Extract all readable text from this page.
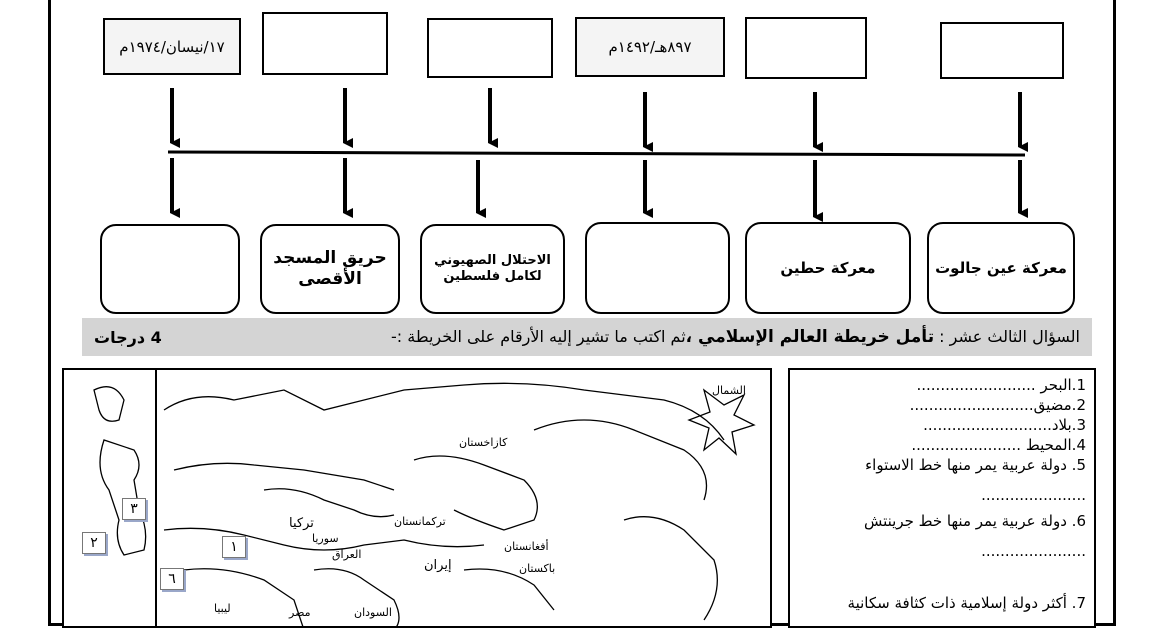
١٧/نيسان/١٩٧٤م	٨٩٧هـ/١٤٩٢م
حريق المسجد الأقصى
الاحتلال الصهيوني لكامل فلسطين	معركة حطين	معركة عين جالوت
السؤال الثالث عشر : تأمل خريطة العالم الإسلامي ،ثم اكتب ما تشير إليه الأرقام على الخريطة :-
4 درجات
الشمال
كازاخستان
تركيا
إيران
العراق
سوريا
ليبيا
أفغانستان
باكستان
تركمانستان
السودان
مصر
٣
٢	١
٦
1.البحر .........................
2.مضيق..........................
3.بلاد...........................
4.المحيط .......................
5. دولة عربية يمر منها خط الاستواء
......................
6. دولة عربية يمر منها خط جرينتش
......................
7. أكثر دولة إسلامية ذات كثافة سكانية
